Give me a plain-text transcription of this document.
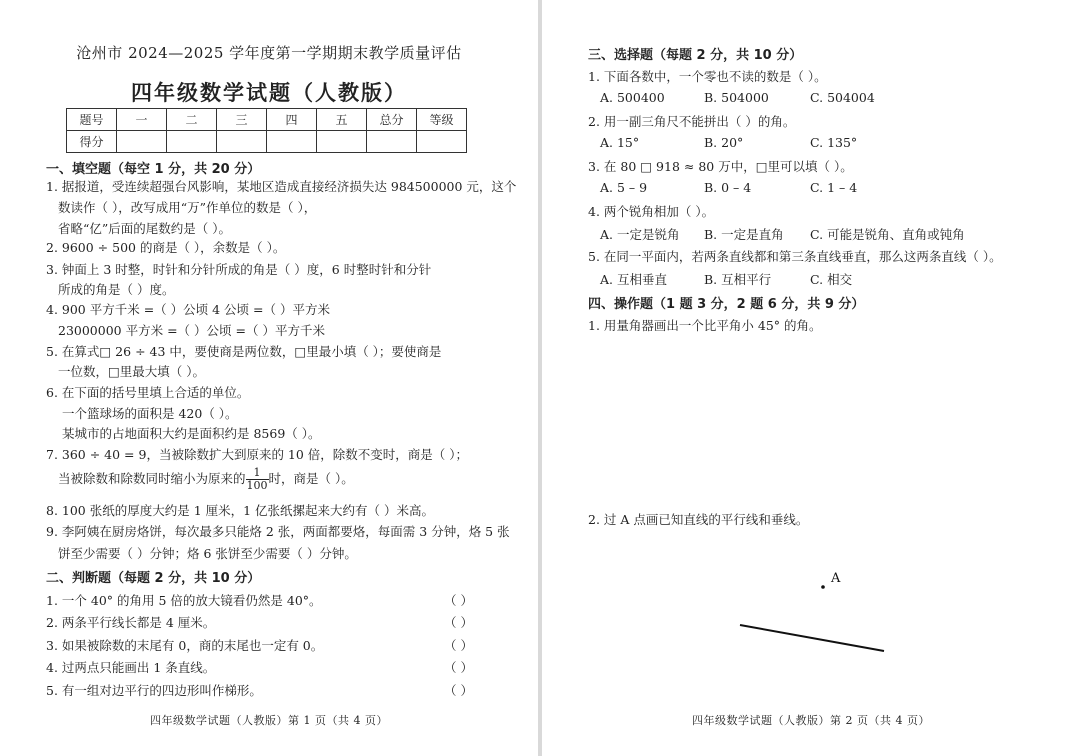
沧州市 2024—2025 学年度第一学期期末教学质量评估
四年级数学试题（人教版）
题号	一	二	三	四	五	总分	等级
得分							
一、填空题（每空 1 分，共 20 分）
1. 据报道，受连续超强台风影响，某地区造成直接经济损失达 984500000 元，这个
数读作（ ），改写成用“万”作单位的数是（ ），
省略“亿”后面的尾数约是（ ）。
2. 9600 ÷ 500 的商是（ ），余数是（ ）。
3. 钟面上 3 时整，时针和分针所成的角是（ ）度，6 时整时针和分针
所成的角是（ ）度。
4. 900 平方千米 =（ ）公顷 4 公顷 =（ ）平方米
23000000 平方米 =（ ）公顷 =（ ）平方千米
5. 在算式□ 26 ÷ 43 中，要使商是两位数，□里最小填（ ）；要使商是
一位数，□里最大填（ ）。
6. 在下面的括号里填上合适的单位。
一个篮球场的面积是 420（ ）。
某城市的占地面积大约是面积约是 8569（ ）。
7. 360 ÷ 40 = 9，当被除数扩大到原来的 10 倍，除数不变时，商是（ ）；
当被除数和除数同时缩小为原来的 $\frac{1}{100}$ 时，商是（ ）。
8. 100 张纸的厚度大约是 1 厘米，1 亿张纸摞起来大约有（ ）米高。
9. 李阿姨在厨房烙饼，每次最多只能烙 2 张，两面都要烙，每面需 3 分钟，烙 5 张
饼至少需要（ ）分钟；烙 6 张饼至少需要（ ）分钟。
二、判断题（每题 2 分，共 10 分）
1. 一个 40° 的角用 5 倍的放大镜看仍然是 40°。	（ ）
2. 两条平行线长都是 4 厘米。	（ ）
3. 如果被除数的末尾有 0，商的末尾也一定有 0。	（ ）
4. 过两点只能画出 1 条直线。	（ ）
5. 有一组对边平行的四边形叫作梯形。	（ ）
四年级数学试题（人教版）第 1 页（共 4 页）
三、选择题（每题 2 分，共 10 分）
1. 下面各数中，一个零也不读的数是（ ）。
A. 500400	B. 504000	C. 504004
2. 用一副三角尺不能拼出（ ）的角。
A. 15°	B. 20°	C. 135°
3. 在 80 □ 918 ≈ 80 万中，□里可以填（ ）。
A. 5 – 9	B. 0 – 4	C. 1 – 4
4. 两个锐角相加（ ）。
A. 一定是锐角 B. 一定是直角 C. 可能是锐角、直角或钝角
5. 在同一平面内，若两条直线都和第三条直线垂直，那么这两条直线（ ）。
A. 互相垂直	B. 互相平行	C. 相交
四、操作题（1 题 3 分，2 题 6 分，共 9 分）
1. 用量角器画出一个比平角小 45° 的角。
2. 过 A 点画已知直线的平行线和垂线。
A
四年级数学试题（人教版）第 2 页（共 4 页）
